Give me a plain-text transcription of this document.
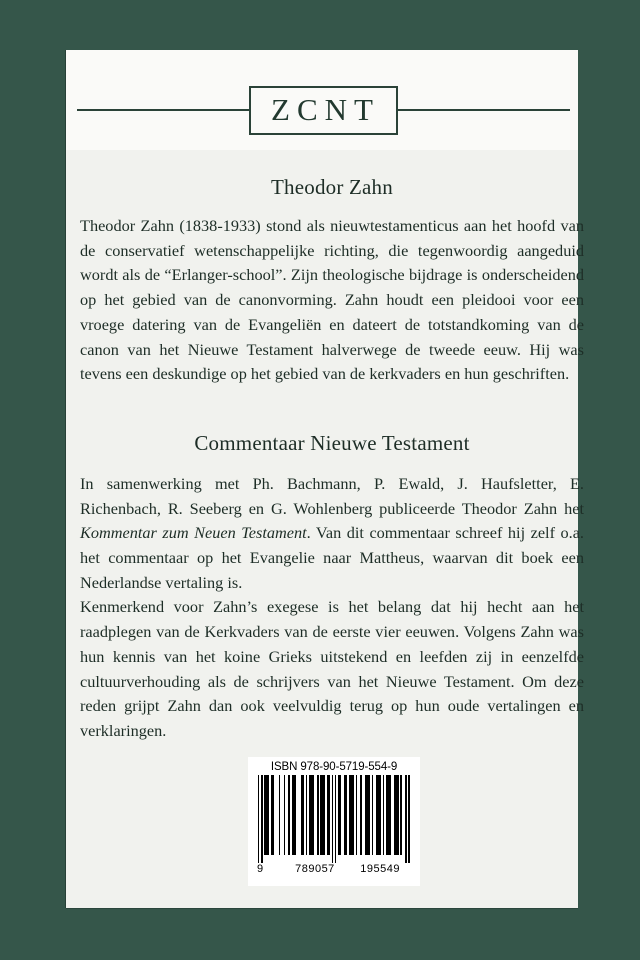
ZCNT
Theodor Zahn

Theodor Zahn (1838-1933) stond als nieuwtestamenticus aan het hoofd van de conservatief wetenschappelijke richting, die tegenwoordig aangeduid wordt als de “Erlanger-school”. Zijn theologische bijdrage is onderscheidend op het gebied van de canonvorming. Zahn houdt een pleidooi voor een vroege datering van de Evangeliën en dateert de totstandkoming van de canon van het Nieuwe Testament halverwege de tweede eeuw. Hij was tevens een deskundige op het gebied van de kerkvaders en hun geschriften.

Commentaar Nieuwe Testament

In samenwerking met Ph. Bachmann, P. Ewald, J. Haufsletter, E. Richenbach, R. Seeberg en G. Wohlenberg publiceerde Theodor Zahn het Kommentar zum Neuen Testament. Van dit commentaar schreef hij zelf o.a. het commentaar op het Evangelie naar Mattheus, waarvan dit boek een Nederlandse vertaling is.

Kenmerkend voor Zahn’s exegese is het belang dat hij hecht aan het raadplegen van de Kerkvaders van de eerste vier eeuwen. Volgens Zahn was hun kennis van het koine Grieks uitstekend en leefden zij in eenzelfde cultuurverhouding als de schrijvers van het Nieuwe Testament. Om deze reden grijpt Zahn dan ook veelvuldig terug op hun oude vertalingen en verklaringen.

ISBN 978-90-5719-554-9
9	789057 195549
